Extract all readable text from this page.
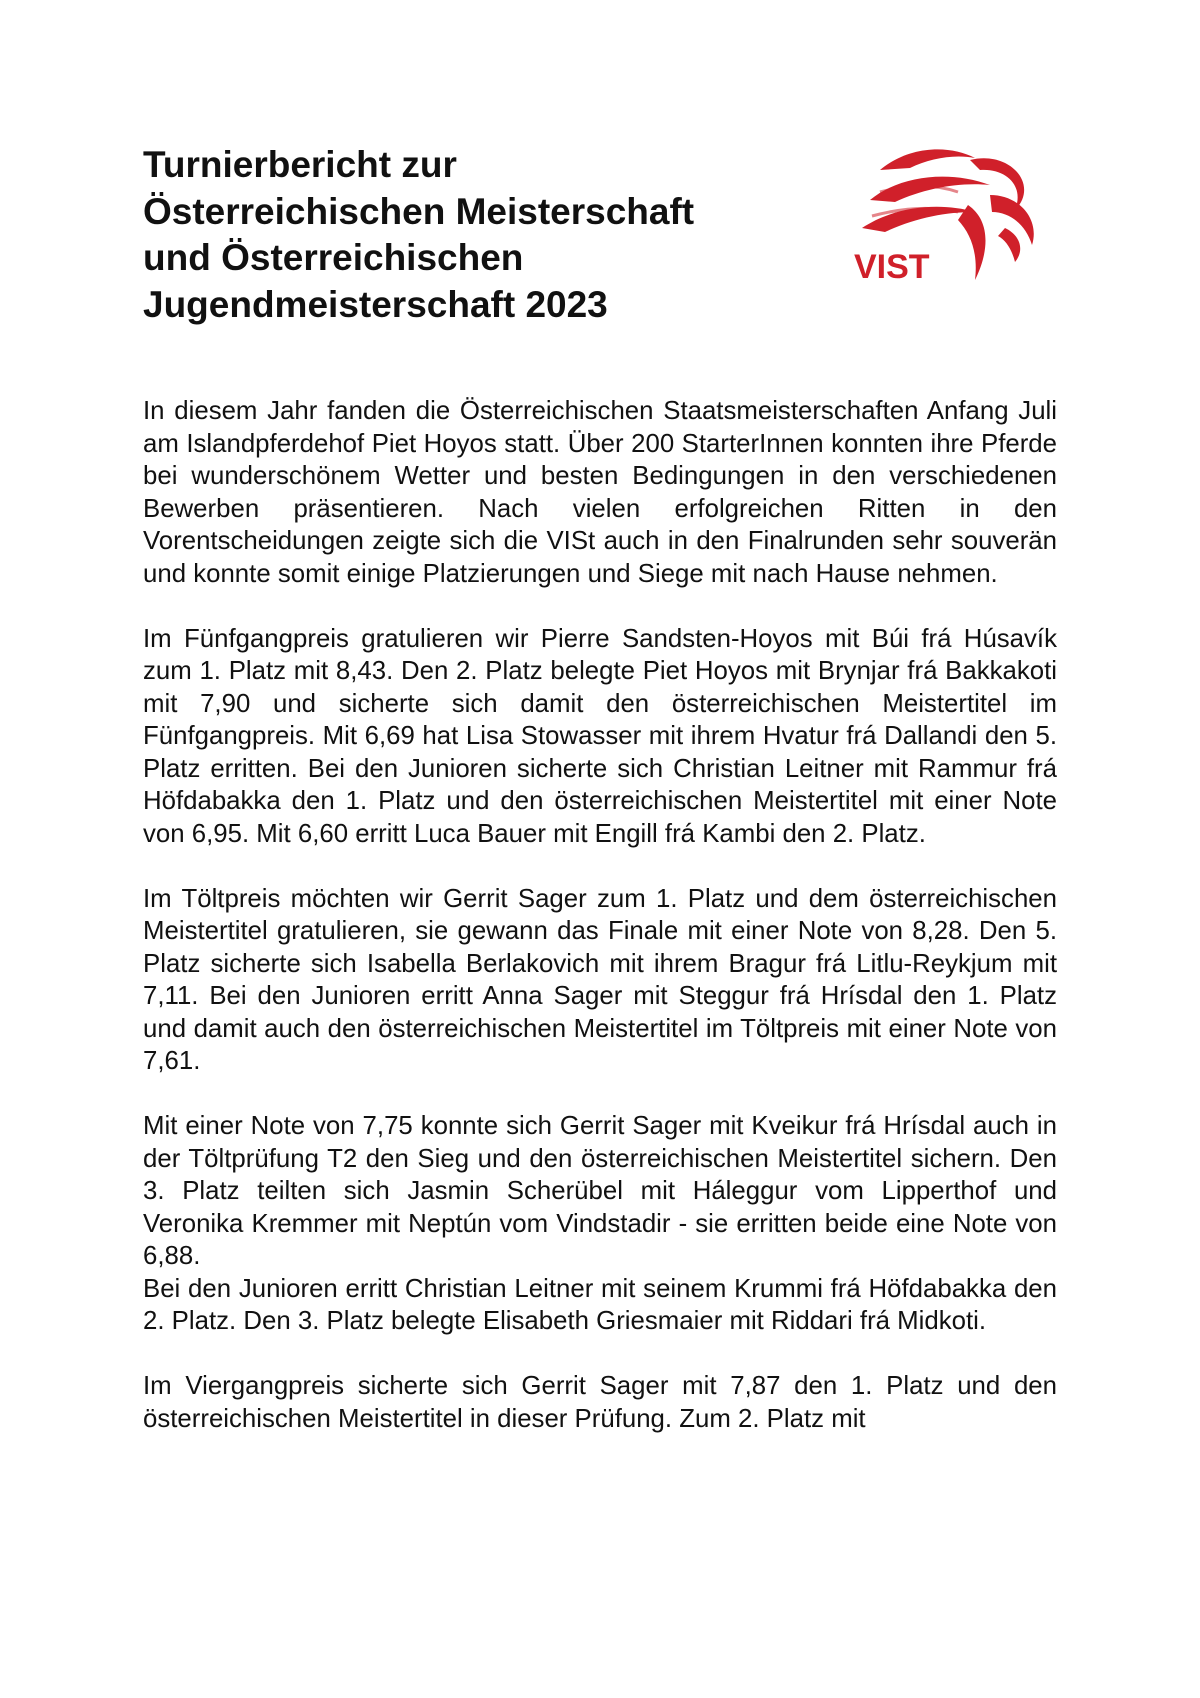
Turnierbericht zur
Österreichischen Meisterschaft
und Österreichischen
Jugendmeisterschaft 2023
VIST

In diesem Jahr fanden die Österreichischen Staatsmeisterschaften Anfang Juli am Islandpferdehof Piet Hoyos statt. Über 200 StarterInnen konnten ihre Pferde bei wunderschönem Wetter und besten Bedingungen in den verschiedenen Bewerben präsentieren. Nach vielen erfolgreichen Ritten in den Vorentscheidungen zeigte sich die VISt auch in den Finalrunden sehr souverän und konnte somit einige Platzierungen und Siege mit nach Hause nehmen.

Im Fünfgangpreis gratulieren wir Pierre Sandsten-Hoyos mit Búi frá Húsavík zum 1. Platz mit 8,43. Den 2. Platz belegte Piet Hoyos mit Brynjar frá Bakkakoti mit 7,90 und sicherte sich damit den österreichischen Meistertitel im Fünfgangpreis. Mit 6,69 hat Lisa Stowasser mit ihrem Hvatur frá Dallandi den 5. Platz erritten. Bei den Junioren sicherte sich Christian Leitner mit Rammur frá Höfdabakka den 1. Platz und den österreichischen Meistertitel mit einer Note von 6,95. Mit 6,60 erritt Luca Bauer mit Engill frá Kambi den 2. Platz.

Im Töltpreis möchten wir Gerrit Sager zum 1. Platz und dem österreichischen Meistertitel gratulieren, sie gewann das Finale mit einer Note von 8,28. Den 5. Platz sicherte sich Isabella Berlakovich mit ihrem Bragur frá Litlu-Reykjum mit 7,11. Bei den Junioren erritt Anna Sager mit Steggur frá Hrísdal den 1. Platz und damit auch den österreichischen Meistertitel im Töltpreis mit einer Note von 7,61.

Mit einer Note von 7,75 konnte sich Gerrit Sager mit Kveikur frá Hrísdal auch in der Töltprüfung T2 den Sieg und den österreichischen Meistertitel sichern. Den 3. Platz teilten sich Jasmin Scherübel mit Háleggur vom Lipperthof und Veronika Kremmer mit Neptún vom Vindstadir - sie erritten beide eine Note von 6,88.

Bei den Junioren erritt Christian Leitner mit seinem Krummi frá Höfdabakka den 2. Platz. Den 3. Platz belegte Elisabeth Griesmaier mit Riddari frá Midkoti.

Im Viergangpreis sicherte sich Gerrit Sager mit 7,87 den 1. Platz und den österreichischen Meistertitel in dieser Prüfung. Zum 2. Platz mit
